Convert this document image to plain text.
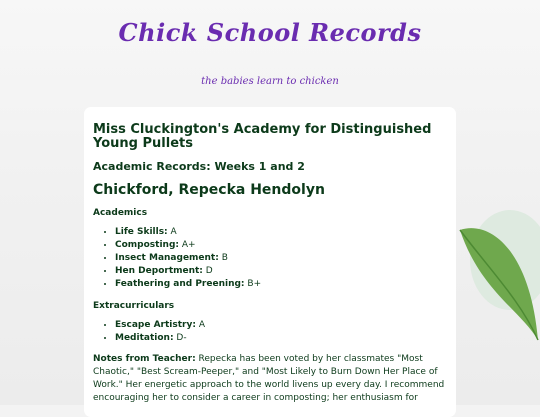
Chick School Records
the babies learn to chicken
Miss Cluckington's Academy for Distinguished Young Pullets
Academic Records: Weeks 1 and 2
Chickford, Repecka Hendolyn
Academics
• Life Skills: A
• Composting: A+
• Insect Management: B
• Hen Deportment: D
• Feathering and Preening: B+
Extracurriculars
• Escape Artistry: A
• Meditation: D-

Notes from Teacher: Repecka has been voted by her classmates "Most Chaotic," "Best Scream-Peeper," and "Most Likely to Burn Down Her Place of Work." Her energetic approach to the world livens up every day. I recommend encouraging her to consider a career in composting; her enthusiasm for
